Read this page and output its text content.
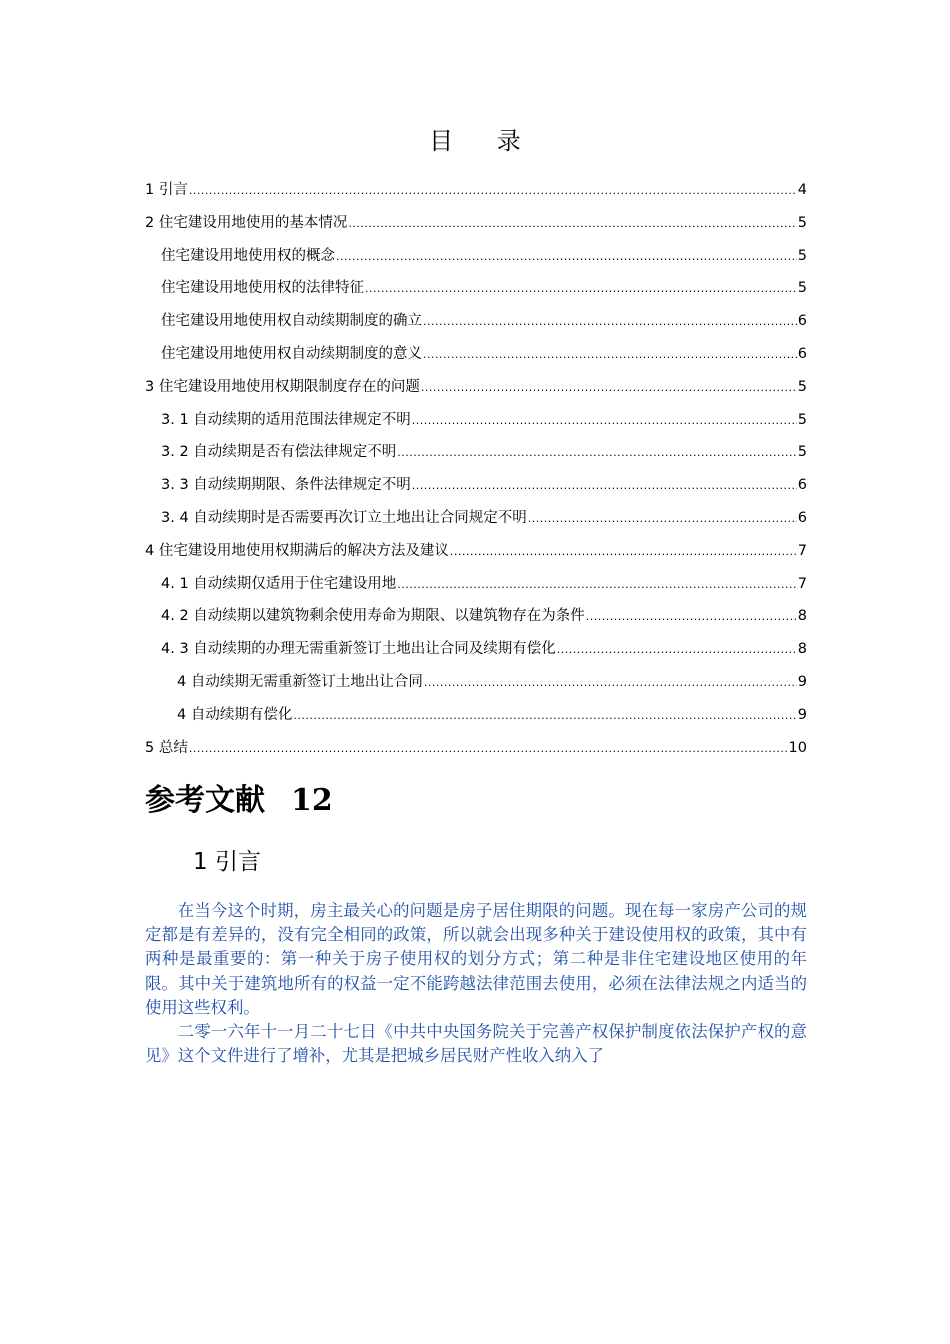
目 录
1 引言 .....	4
2 住宅建设用地使用的基本情况 .....	5
住宅建设用地使用权的概念 .....	5
住宅建设用地使用权的法律特征 .....	5
住宅建设用地使用权自动续期制度的确立 .....	6
住宅建设用地使用权自动续期制度的意义 .....	6
3 住宅建设用地使用权期限制度存在的问题 .....	5
3. 1 自动续期的适用范围法律规定不明 .....	5
3. 2 自动续期是否有偿法律规定不明 .....	5
3. 3 自动续期期限、条件法律规定不明 .....	6
3. 4 自动续期时是否需要再次订立土地出让合同规定不明 .....	6
4 住宅建设用地使用权期满后的解决方法及建议 .....	7
4. 1 自动续期仅适用于住宅建设用地 .....	7
4. 2 自动续期以建筑物剩余使用寿命为期限、以建筑物存在为条件 .....	8
4. 3 自动续期的办理无需重新签订土地出让合同及续期有偿化 .....	8
4 自动续期无需重新签订土地出让合同 .....	9
4 自动续期有偿化 .....	9
5 总结 .....	10
参考文献 12
1 引言

在当今这个时期，房主最关心的问题是房子居住期限的问题。现在每一家房产公司的规定都是有差异的，没有完全相同的政策，所以就会出现多种关于建设使用权的政策，其中有两种是最重要的：第一种关于房子使用权的划分方式；第二种是非住宅建设地区使用的年限。其中关于建筑地所有的权益一定不能跨越法律范围去使用，必须在法律法规之内适当的使用这些权利。

二零一六年十一月二十七日《中共中央国务院关于完善产权保护制度依法保护产权的意见》这个文件进行了增补，尤其是把城乡居民财产性收入纳入了
